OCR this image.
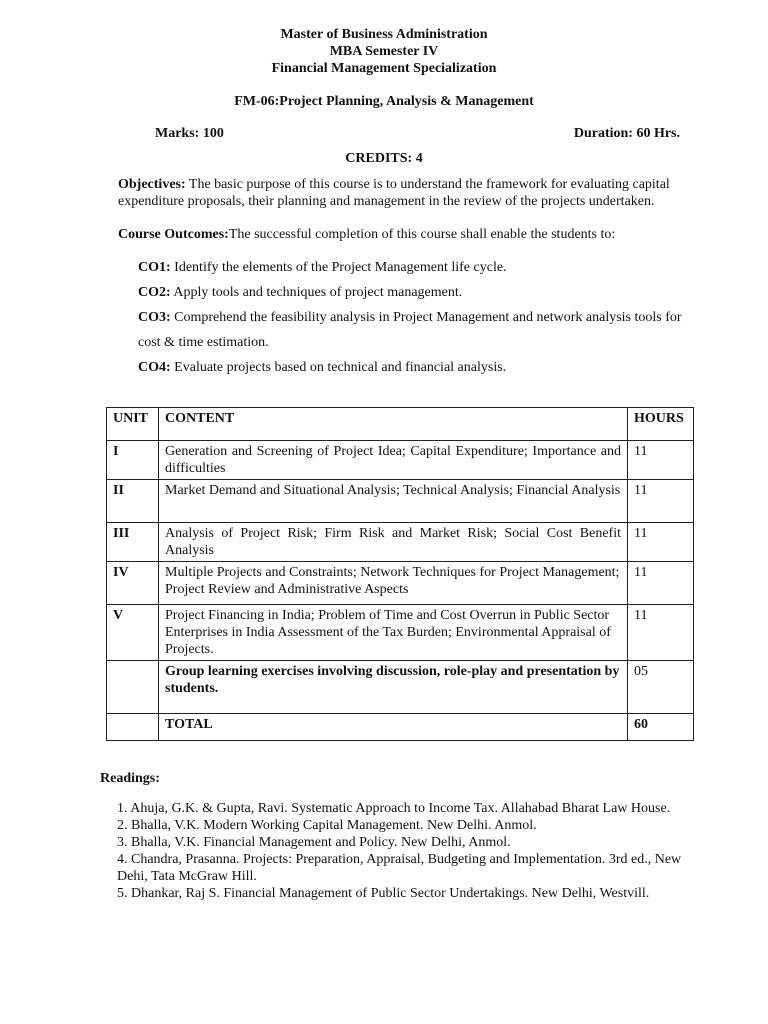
Master of Business Administration
MBA Semester IV
Financial Management Specialization
FM-06:Project Planning, Analysis & Management
Marks: 100	Duration: 60 Hrs.
CREDITS: 4
Objectives: The basic purpose of this course is to understand the framework for evaluating capital expenditure proposals, their planning and management in the review of the projects undertaken.
Course Outcomes:The successful completion of this course shall enable the students to:
CO1: Identify the elements of the Project Management life cycle.
CO2: Apply tools and techniques of project management.
CO3: Comprehend the feasibility analysis in Project Management and network analysis tools for cost & time estimation.
CO4: Evaluate projects based on technical and financial analysis.
UNIT	CONTENT	HOURS
I	Generation and Screening of Project Idea; Capital Expenditure; Importance and difficulties	11
II	Market Demand and Situational Analysis; Technical Analysis; Financial Analysis	11
III	Analysis of Project Risk; Firm Risk and Market Risk; Social Cost Benefit Analysis	11
IV	Multiple Projects and Constraints; Network Techniques for Project Management; Project Review and Administrative Aspects	11
V	Project Financing in India; Problem of Time and Cost Overrun in Public Sector Enterprises in India Assessment of the Tax Burden; Environmental Appraisal of Projects.	11
	Group learning exercises involving discussion, role-play and presentation by students.	05
	TOTAL	60
Readings:
1. Ahuja, G.K. & Gupta, Ravi. Systematic Approach to Income Tax. Allahabad Bharat Law House.
2. Bhalla, V.K. Modern Working Capital Management. New Delhi. Anmol.
3. Bhalla, V.K. Financial Management and Policy. New Delhi, Anmol.
4. Chandra, Prasanna. Projects: Preparation, Appraisal, Budgeting and Implementation. 3rd ed., New Dehi, Tata McGraw Hill.
5. Dhankar, Raj S. Financial Management of Public Sector Undertakings. New Delhi, Westvill.
